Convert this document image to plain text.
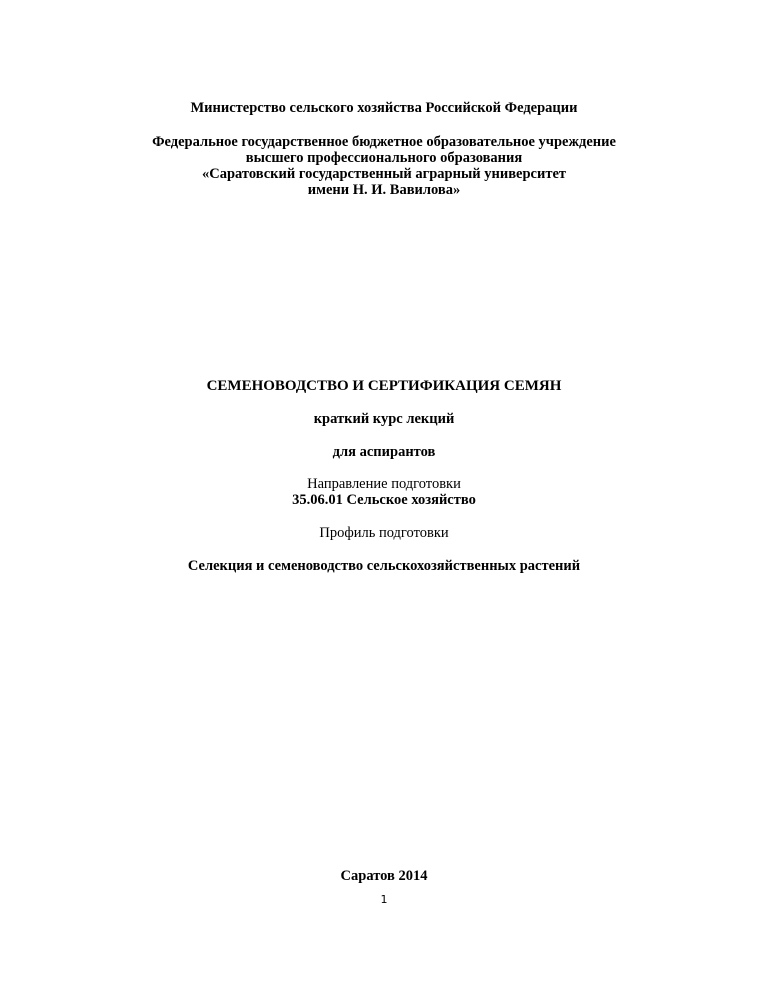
Министерство сельского хозяйства Российской Федерации
Федеральное государственное бюджетное образовательное учреждение
высшего профессионального образования
«Саратовский государственный аграрный университет
имени Н. И. Вавилова»
СЕМЕНОВОДСТВО И СЕРТИФИКАЦИЯ СЕМЯН
краткий курс лекций
для аспирантов
Направление подготовки
35.06.01 Сельское хозяйство
Профиль подготовки
Селекция и семеноводство сельскохозяйственных растений
Саратов 2014
1
